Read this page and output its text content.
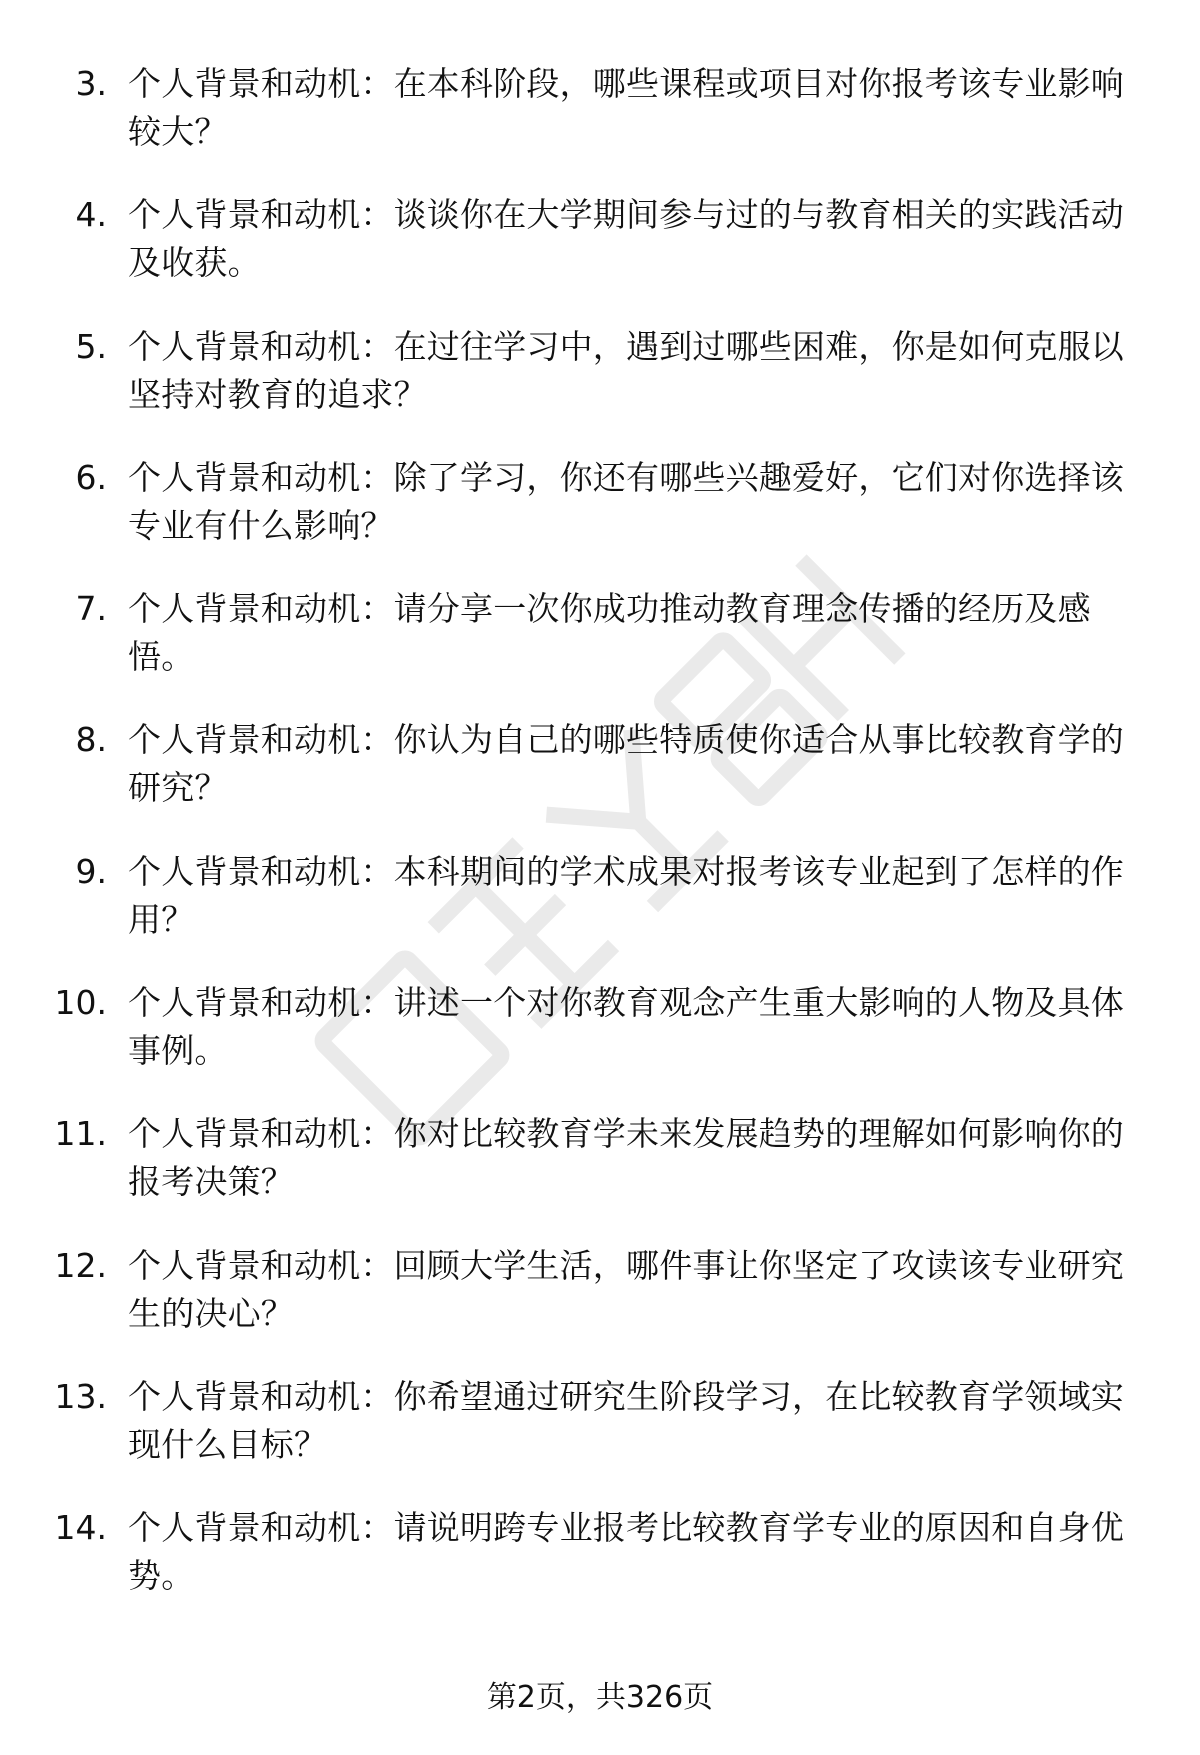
3. 个人背景和动机：在本科阶段，哪些课程或项目对你报考该专业影响较大？
4. 个人背景和动机：谈谈你在大学期间参与过的与教育相关的实践活动及收获。
5. 个人背景和动机：在过往学习中，遇到过哪些困难，你是如何克服以坚持对教育的追求？
6. 个人背景和动机：除了学习，你还有哪些兴趣爱好，它们对你选择该专业有什么影响？
7. 个人背景和动机：请分享一次你成功推动教育理念传播的经历及感悟。
8. 个人背景和动机：你认为自己的哪些特质使你适合从事比较教育学的研究？
9. 个人背景和动机：本科期间的学术成果对报考该专业起到了怎样的作用？
10. 个人背景和动机：讲述一个对你教育观念产生重大影响的人物及具体事例。
11. 个人背景和动机：你对比较教育学未来发展趋势的理解如何影响你的报考决策？
12. 个人背景和动机：回顾大学生活，哪件事让你坚定了攻读该专业研究生的决心？
13. 个人背景和动机：你希望通过研究生阶段学习，在比较教育学领域实现什么目标？
14. 个人背景和动机：请说明跨专业报考比较教育学专业的原因和自身优势。
第2页，共326页
